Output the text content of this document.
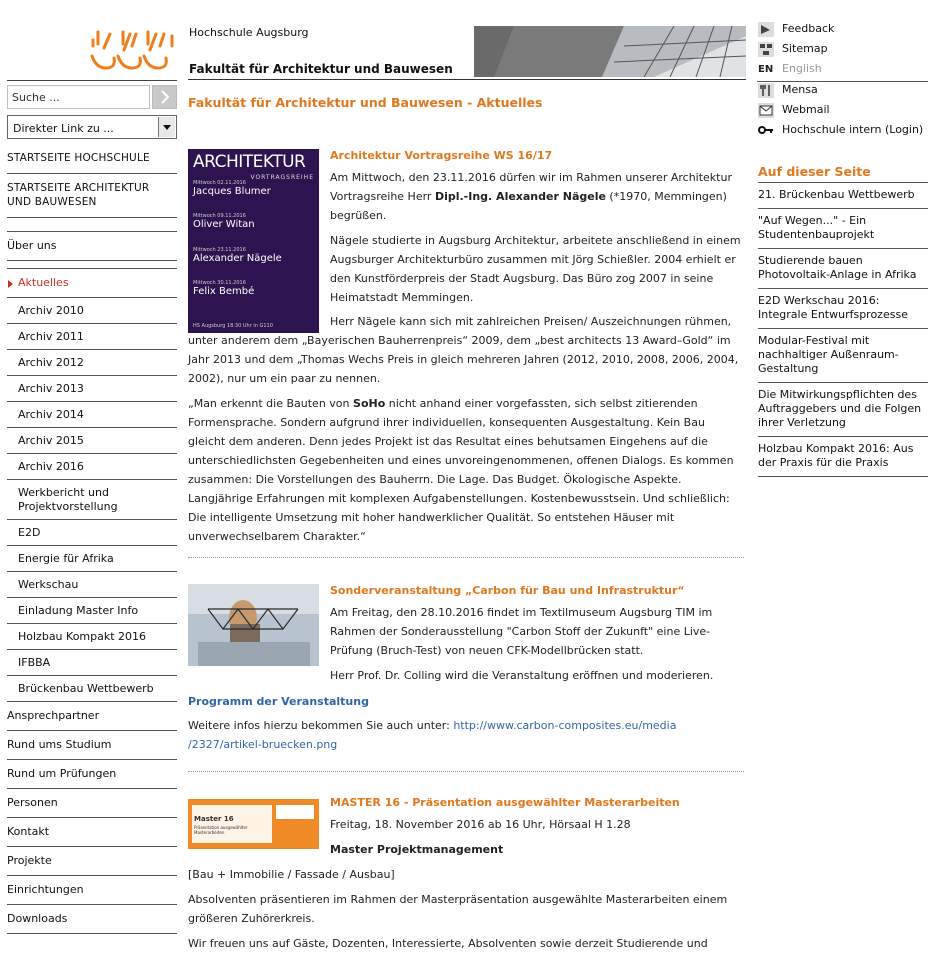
Suche ...
Direkter Link zu ...
STARTSEITE HOCHSCHULE
STARTSEITE ARCHITEKTUR UND BAUWESEN
Über uns
Aktuelles
Archiv 2010
Archiv 2011
Archiv 2012
Archiv 2013
Archiv 2014
Archiv 2015
Archiv 2016
Werkbericht und Projektvorstellung
E2D
Energie für Afrika
Werkschau
Einladung Master Info
Holzbau Kompakt 2016
IFBBA
Brückenbau Wettbewerb
Ansprechpartner
Rund ums Studium
Rund um Prüfungen
Personen
Kontakt
Projekte
Einrichtungen
Downloads
Hochschule Augsburg
Fakultät für Architektur und Bauwesen
Fakultät für Architektur und Bauwesen - Aktuelles
ARCHITEKTUR
VORTRAGSREIHE
Mittwoch 02.11.2016
Jacques Blumer
Mittwoch 09.11.2016
Oliver Witan
Mittwoch 23.11.2016
Alexander Nägele
Mittwoch 30.11.2016
Felix Bembé
HS Augsburg 18.30 Uhr in G110
Architektur Vortragsreihe WS 16/17

Am Mittwoch, den 23.11.2016 dürfen wir im Rahmen unserer Architektur Vortragsreihe Herr Dipl.-Ing. Alexander Nägele (*1970, Memmingen) begrüßen.

Nägele studierte in Augsburg Architektur, arbeitete anschließend in einem Augsburger Architekturbüro zusammen mit Jörg Schießler. 2004 erhielt er den Kunstförderpreis der Stadt Augsburg. Das Büro zog 2007 in seine Heimatstadt Memmingen.

Herr Nägele kann sich mit zahlreichen Preisen/ Auszeichnungen rühmen, unter anderem dem „Bayerischen Bauherrenpreis“ 2009, dem „best architects 13 Award–Gold“ im Jahr 2013 und dem „Thomas Wechs Preis in gleich mehreren Jahren (2012, 2010, 2008, 2006, 2004, 2002), nur um ein paar zu nennen.

„Man erkennt die Bauten von SoHo nicht anhand einer vorgefassten, sich selbst zitierenden Formensprache. Sondern aufgrund ihrer individuellen, konsequenten Ausgestaltung. Kein Bau gleicht dem anderen. Denn jedes Projekt ist das Resultat eines behutsamen Eingehens auf die unterschiedlichsten Gegebenheiten und eines unvoreingenommenen, offenen Dialogs. Es kommen zusammen: Die Vorstellungen des Bauherrn. Die Lage. Das Budget. Ökologische Aspekte. Langjährige Erfahrungen mit komplexen Aufgabenstellungen. Kostenbewusstsein. Und schließlich: Die intelligente Umsetzung mit hoher handwerklicher Qualität. So entstehen Häuser mit unverwechselbarem Charakter.“

Sonderveranstaltung „Carbon für Bau und Infrastruktur“

Am Freitag, den 28.10.2016 findet im Textilmuseum Augsburg TIM im Rahmen der Sonderausstellung "Carbon Stoff der Zukunft" eine Live-Prüfung (Bruch-Test) von neuen CFK-Modellbrücken statt.

Herr Prof. Dr. Colling wird die Veranstaltung eröffnen und moderieren.

Programm der Veranstaltung

Weitere infos hierzu bekommen Sie auch unter: http://www.carbon-composites.eu/media
/2327/artikel-bruecken.png

Master 16
Präsentation ausgewählter Masterarbeiten
MASTER 16 - Präsentation ausgewählter Masterarbeiten

Freitag, 18. November 2016 ab 16 Uhr, Hörsaal H 1.28

Master Projektmanagement

[Bau + Immobilie / Fassade / Ausbau]

Absolventen präsentieren im Rahmen der Masterpräsentation ausgewählte Masterarbeiten einem größeren Zuhörerkreis.

Wir freuen uns auf Gäste, Dozenten, Interessierte, Absolventen sowie derzeit Studierende und

Feedback
Sitemap
EN English
Mensa
Webmail
Hochschule intern (Login)
Auf dieser Seite
21. Brückenbau Wettbewerb
"Auf Wegen..." - Ein Studentenbauprojekt
Studierende bauen Photovoltaik-Anlage in Afrika
E2D Werkschau 2016: Integrale Entwurfsprozesse
Modular-Festival mit nachhaltiger Außenraum-Gestaltung
Die Mitwirkungspflichten des Auftraggebers und die Folgen ihrer Verletzung
Holzbau Kompakt 2016: Aus der Praxis für die Praxis
